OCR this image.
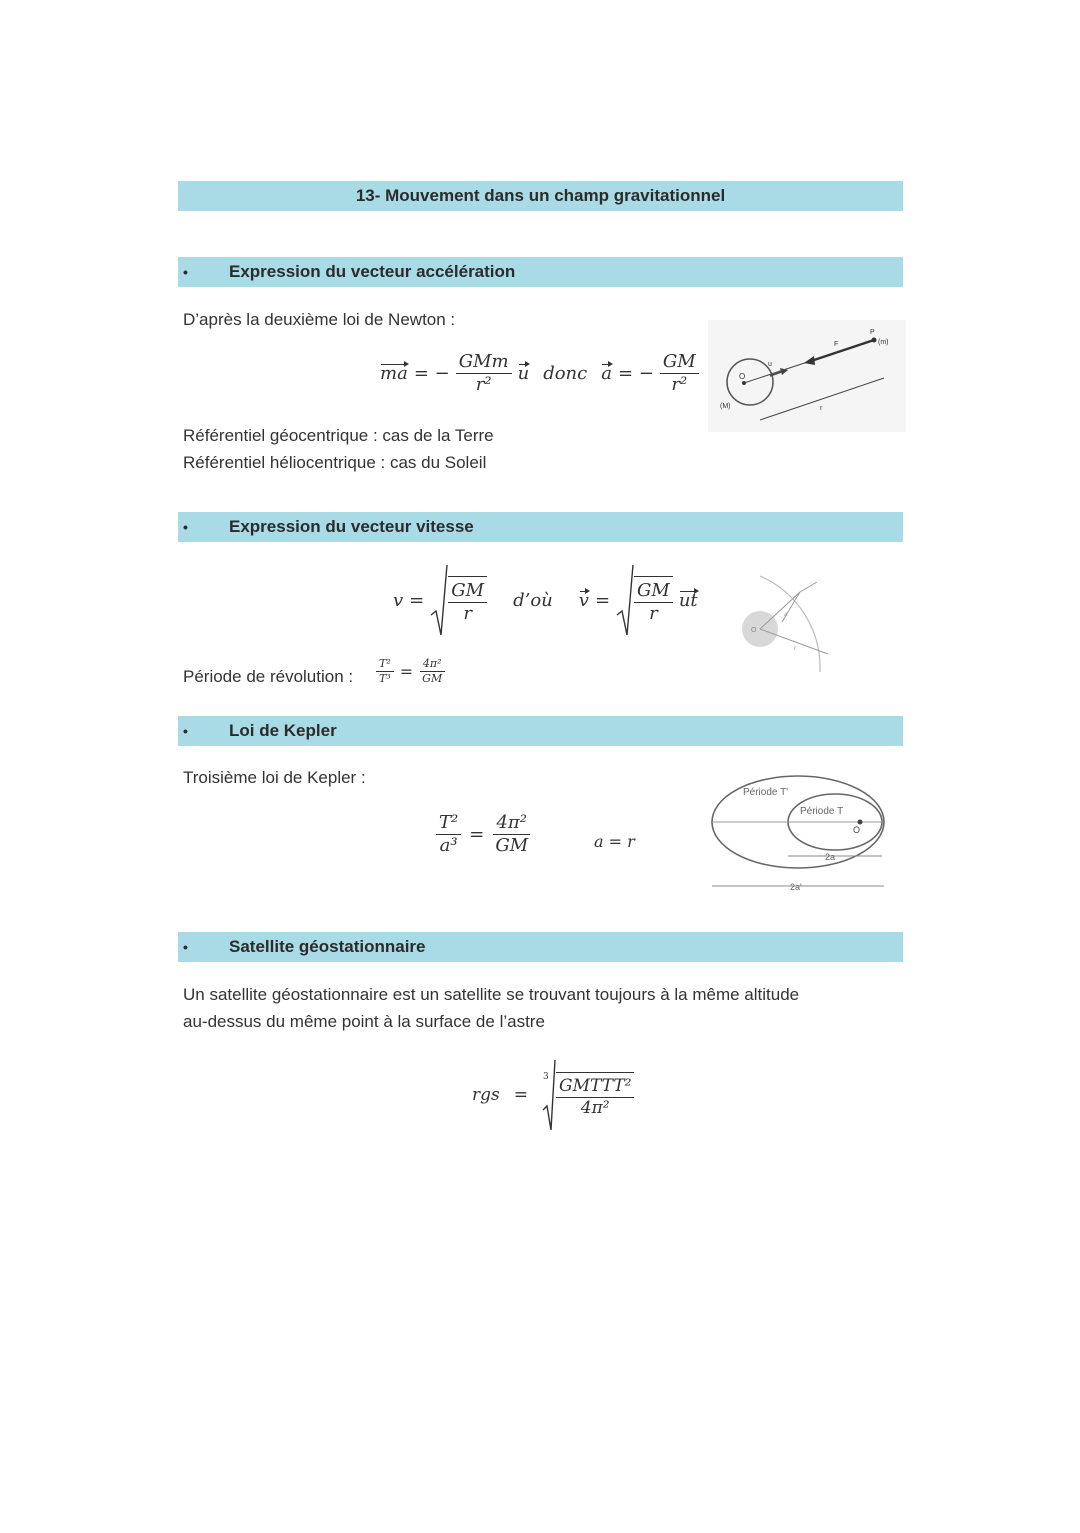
13- Mouvement dans un champ gravitationnel
• Expression du vecteur accélération
D’après la deuxième loi de Newton :
ma = − $\frac{\text{GMm}}{\text{r²}}$ u donc a = − $\frac{GM}{\text{r²}}$	O
u
F
P
(m)
(M)	r
Référentiel géocentrique : cas de la Terre
Référentiel héliocentrique : cas du Soleil
• Expression du vecteur vitesse
$v = \frac{GM}{r}$ d’où $v = \frac{GM}{r}$ ut
O
a
r
Période de révolution : $\frac{\text{T²}}{\text{T³}} = \frac{\text{4π²}}{GM}$
• Loi de Kepler
Troisième loi de Kepler :
$\frac{\text{T²}}{\text{a³}} = \frac{\text{4π²}}{GM}$	a = r
Période T'
Période T
O
2a
2a'
• Satellite géostationnaire
Un satellite géostationnaire est un satellite se trouvant toujours à la même altitude
au-dessus du même point à la surface de l’astre
rgs =
$3 \frac{\text{GMTTT²}}{\text{4π²}}$
